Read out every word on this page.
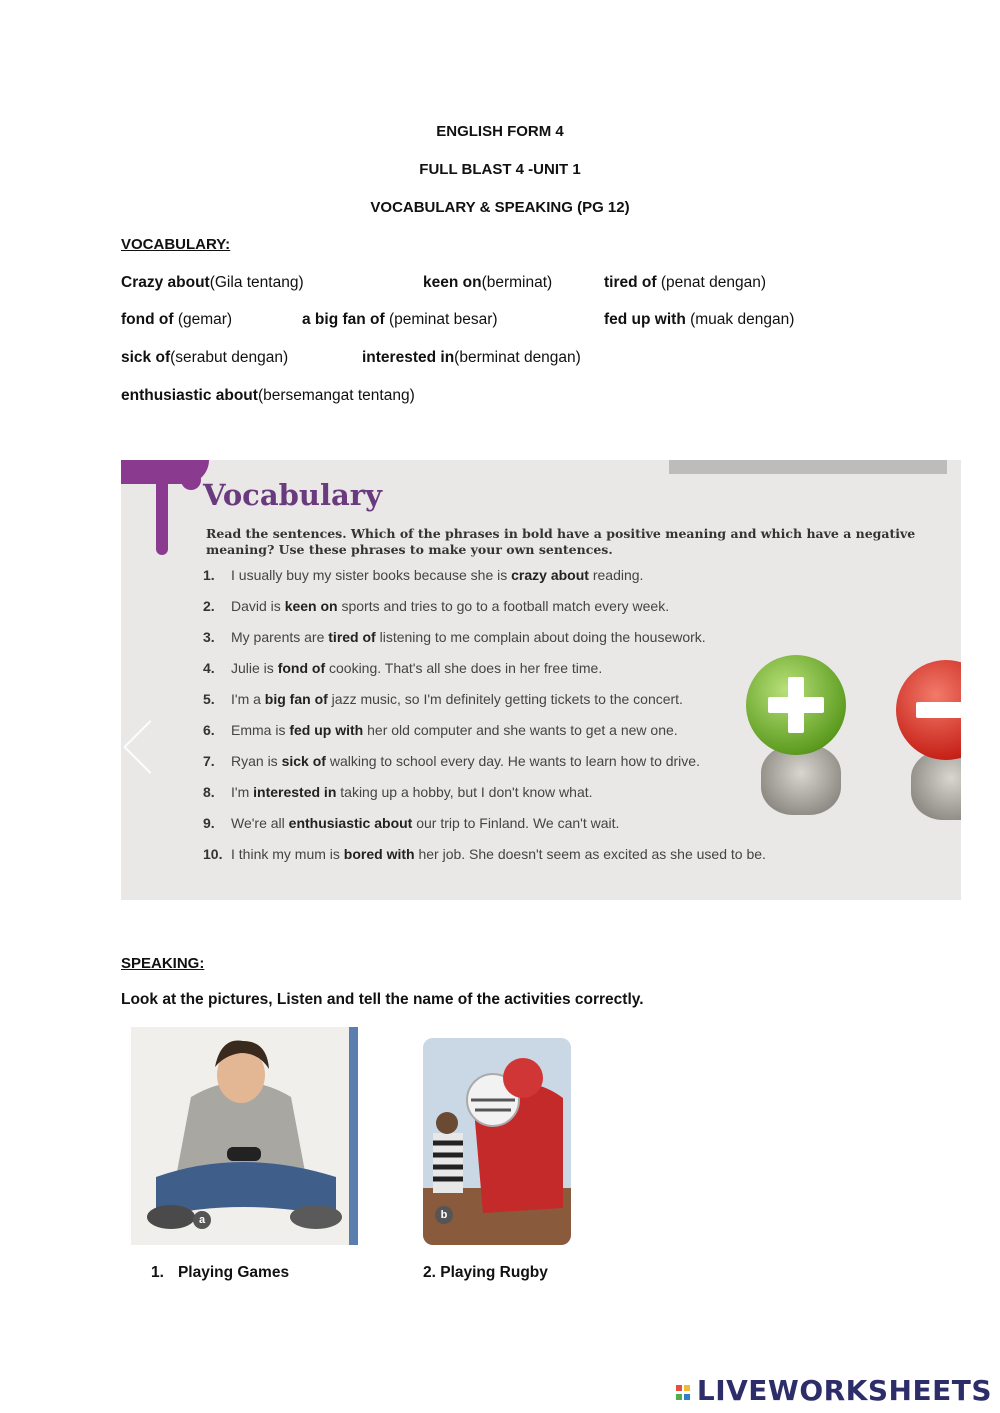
ENGLISH FORM 4
FULL BLAST 4 -UNIT 1
VOCABULARY & SPEAKING (PG 12)
VOCABULARY:
Crazy about(Gila tentang)	keen on(berminat)	tired of (penat dengan)
fond of (gemar)	a big fan of (peminat besar)	fed up with (muak dengan)
sick of(serabut dengan)	interested in(berminat dengan)
enthusiastic about(bersemangat tentang)
Vocabulary
Read the sentences. Which of the phrases in bold have a positive meaning and which have a negative meaning? Use these phrases to make your own sentences.
1. I usually buy my sister books because she is crazy about reading.
2. David is keen on sports and tries to go to a football match every week.
3. My parents are tired of listening to me complain about doing the housework.
4. Julie is fond of cooking. That's all she does in her free time.
5. I'm a big fan of jazz music, so I'm definitely getting tickets to the concert.
6. Emma is fed up with her old computer and she wants to get a new one.
7. Ryan is sick of walking to school every day. He wants to learn how to drive.
8. I'm interested in taking up a hobby, but I don't know what.
9. We're all enthusiastic about our trip to Finland. We can't wait.
10. I think my mum is bored with her job. She doesn't seem as excited as she used to be.
SPEAKING:
Look at the pictures, Listen and tell the name of the activities correctly.
a	b
1. Playing Games	2. Playing Rugby

LIVEWORKSHEETS
